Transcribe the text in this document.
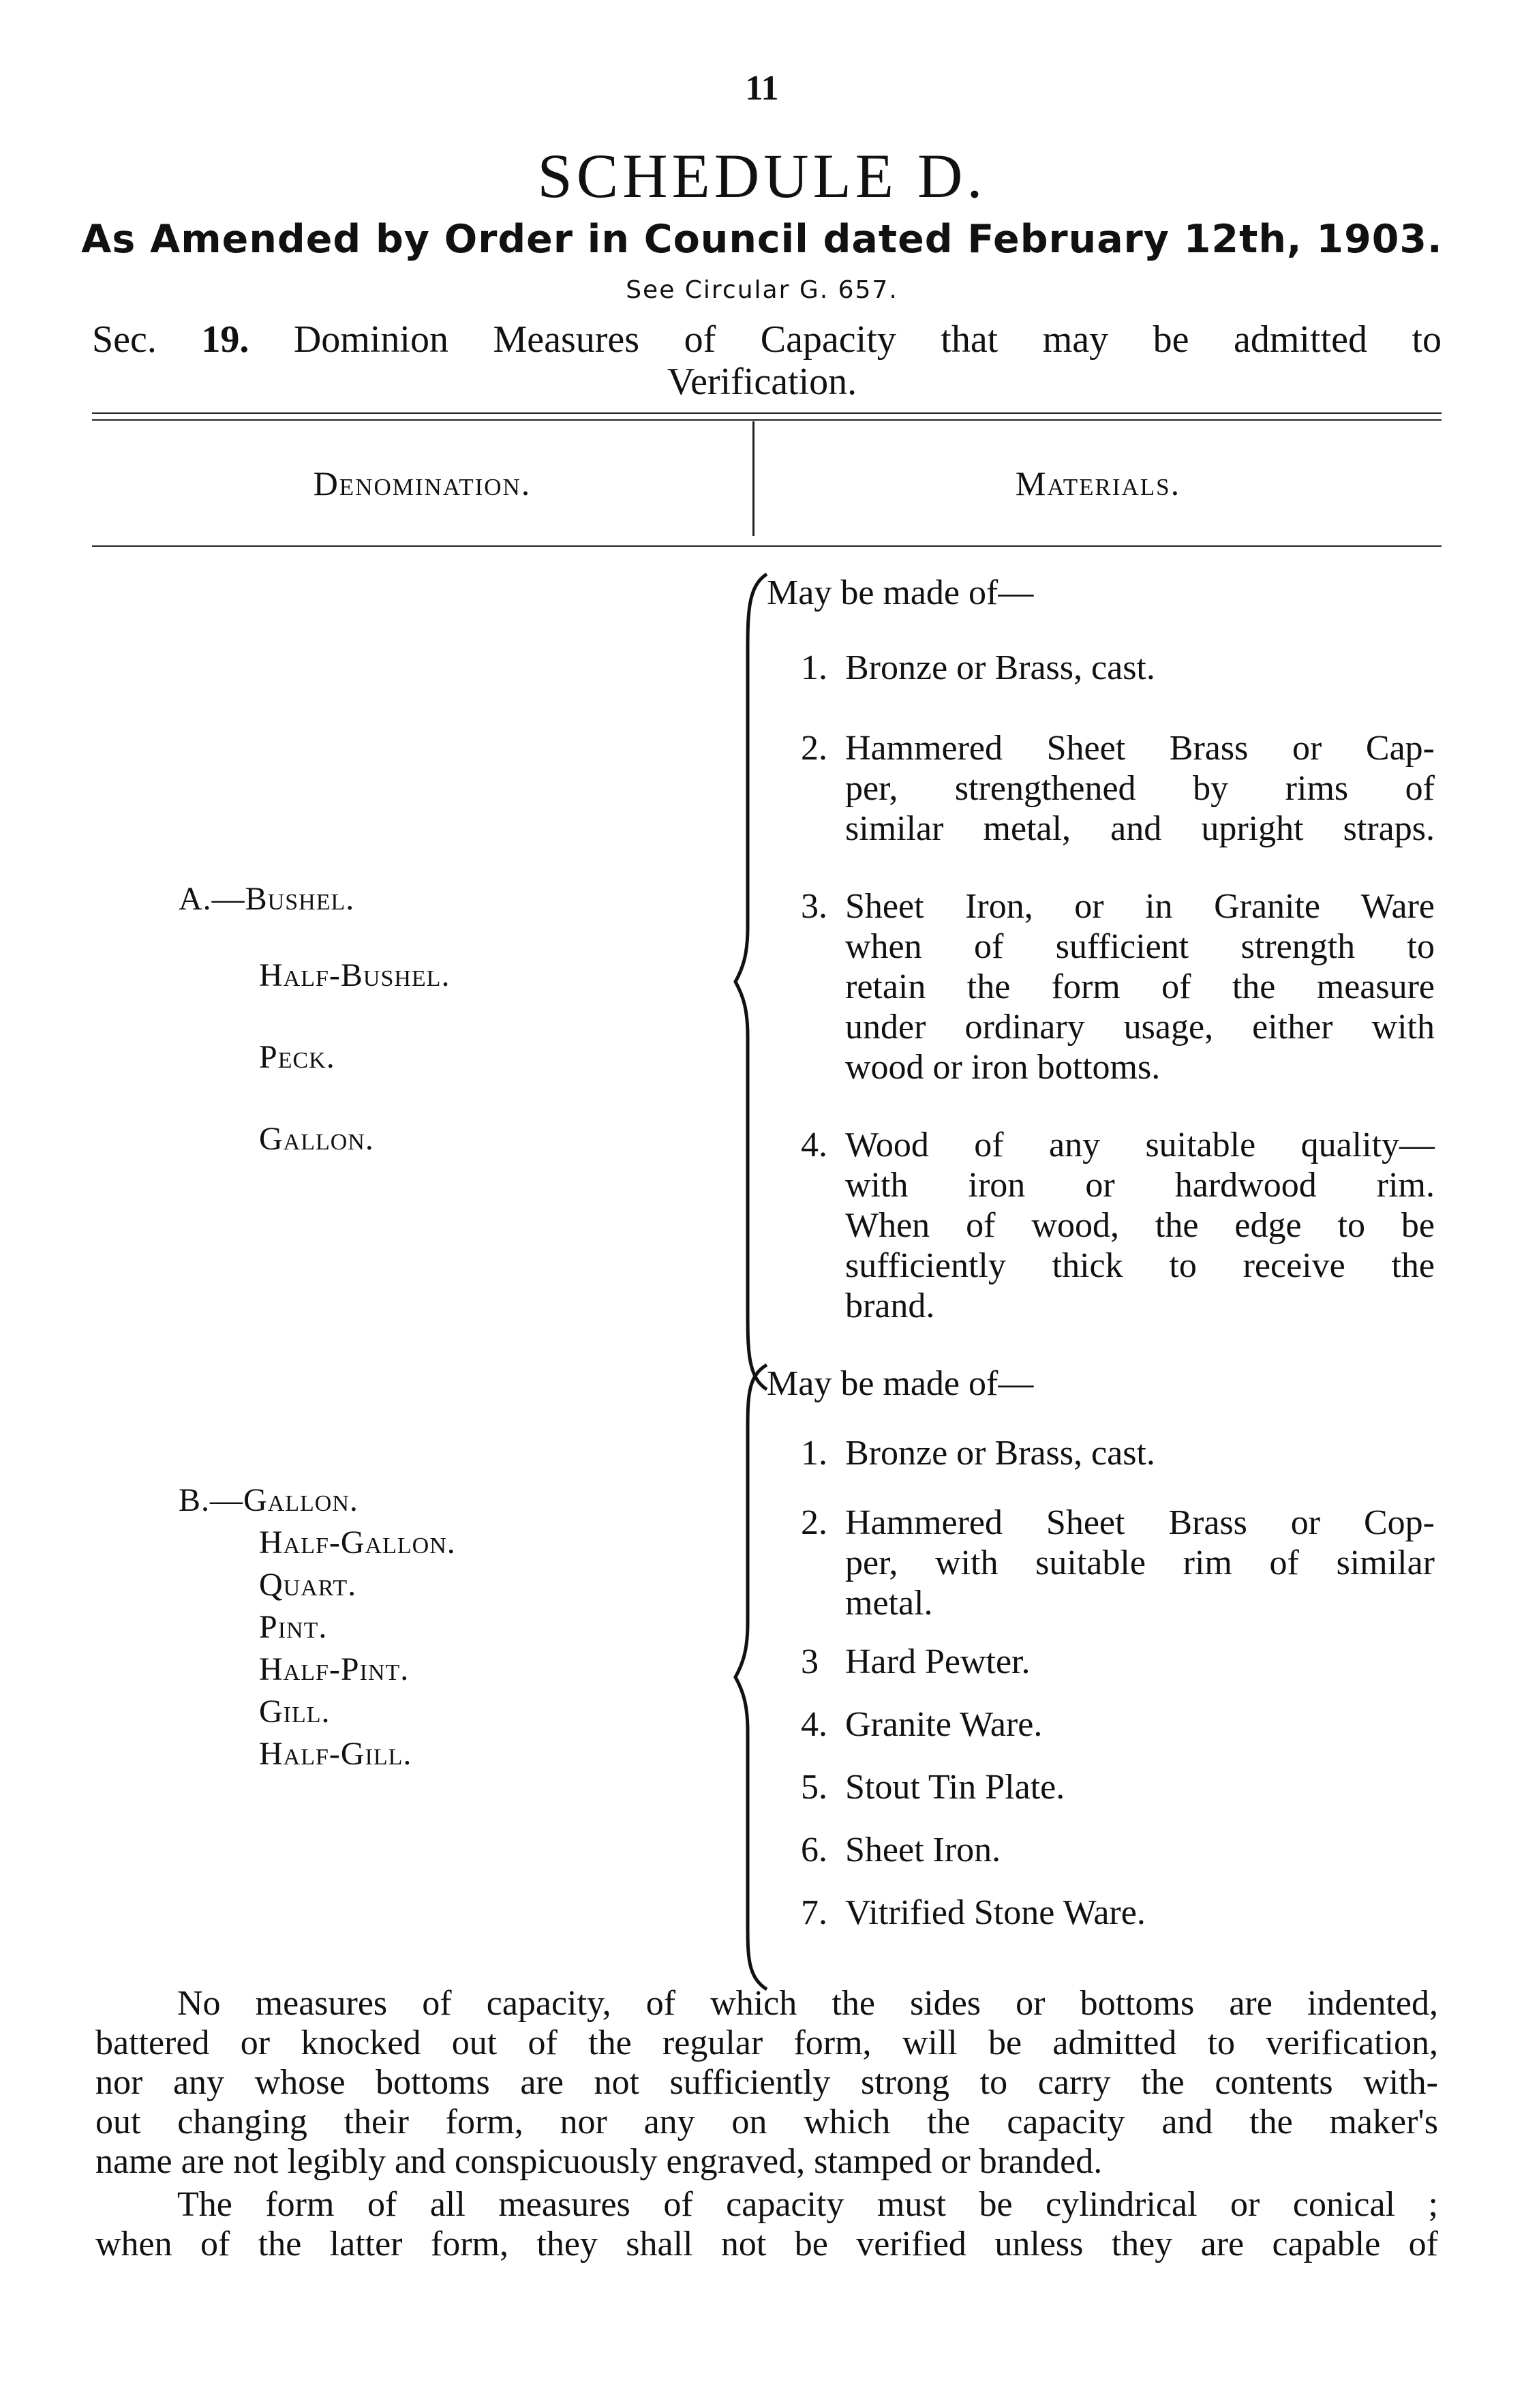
11
SCHEDULE D.
As Amended by Order in Council dated February 12th, 1903.
See Circular G. 657.
Sec. 19. Dominion Measures of Capacity that may be admitted to
Verification.
Denomination.	Materials.
A.—Bushel.
Half-Bushel.
Peck.
Gallon.
May be made of—
1. Bronze or Brass, cast.
2. Hammered Sheet Brass or Cap-
per, strengthened by rims of
similar metal, and upright straps.
3. Sheet Iron, or in Granite Ware
when of sufficient strength to
retain the form of the measure
under ordinary usage, either with
wood or iron bottoms.
4. Wood of any suitable quality—
with iron or hardwood rim.
When of wood, the edge to be
sufficiently thick to receive the
brand.
B.—Gallon.
Half-Gallon.
Quart.
Pint.
Half-Pint.
Gill.
Half-Gill.
May be made of—
1. Bronze or Brass, cast.
2. Hammered Sheet Brass or Cop-
per, with suitable rim of similar
metal.
3 Hard Pewter.
4. Granite Ware.
5. Stout Tin Plate.
6. Sheet Iron.
7. Vitrified Stone Ware.
No measures of capacity, of which the sides or bottoms are indented,
battered or knocked out of the regular form, will be admitted to verification,
nor any whose bottoms are not sufficiently strong to carry the contents with-
out changing their form, nor any on which the capacity and the maker's
name are not legibly and conspicuously engraved, stamped or branded.
The form of all measures of capacity must be cylindrical or conical ;
when of the latter form, they shall not be verified unless they are capable of
